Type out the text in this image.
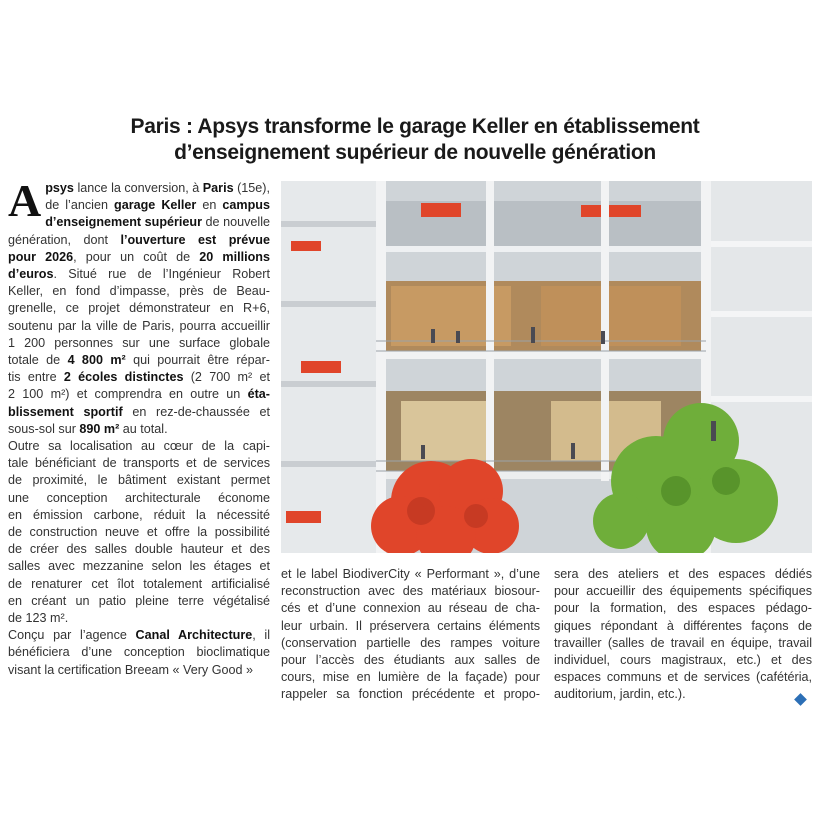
Paris : Apsys transforme le garage Keller en établissement
d’enseignement supérieur de nouvelle génération
A psys lance la conversion, à Paris (15e),
de l’ancien garage Keller en campus
d’enseignement supérieur de nouvelle
génération, dont l’ouverture est prévue
pour 2026, pour un coût de 20 millions
d’euros. Situé rue de l’Ingénieur Robert
Keller, en fond d’impasse, près de Beau-
grenelle, ce projet démonstrateur en R+6,
soutenu par la ville de Paris, pourra accueillir
1 200 personnes sur une surface globale
totale de 4 800 m² qui pourrait être répar-
tis entre 2 écoles distinctes (2 700 m² et
2 100 m²) et comprendra en outre un éta-
blissement sportif en rez-de-chaussée et
sous-sol sur 890 m² au total.
Outre sa localisation au cœur de la capi-
tale bénéficiant de transports et de services
de proximité, le bâtiment existant permet
une conception architecturale économe
en émission carbone, réduit la nécessité
de construction neuve et offre la possibilité
de créer des salles double hauteur et des
salles avec mezzanine selon les étages et
de renaturer cet îlot totalement artificialisé
en créant un patio pleine terre végétalisé
de 123 m².
Conçu par l’agence Canal Architecture, il
bénéficiera d’une conception bioclimatique
visant la certification Breeam « Very Good »
et le label BiodiverCity « Performant », d’une
reconstruction avec des matériaux biosour-
cés et d’une connexion au réseau de cha-
leur urbain. Il préservera certains éléments
(conservation partielle des rampes voiture
pour l’accès des étudiants aux salles de
cours, mise en lumière de la façade) pour
rappeler sa fonction précédente et propo-
sera des ateliers et des espaces dédiés
pour accueillir des équipements spécifiques
pour la formation, des espaces pédago-
giques répondant à différentes façons de
travailler (salles de travail en équipe, travail
individuel, cours magistraux, etc.) et des
espaces communs et de services (cafétéria,
auditorium, jardin, etc.).
